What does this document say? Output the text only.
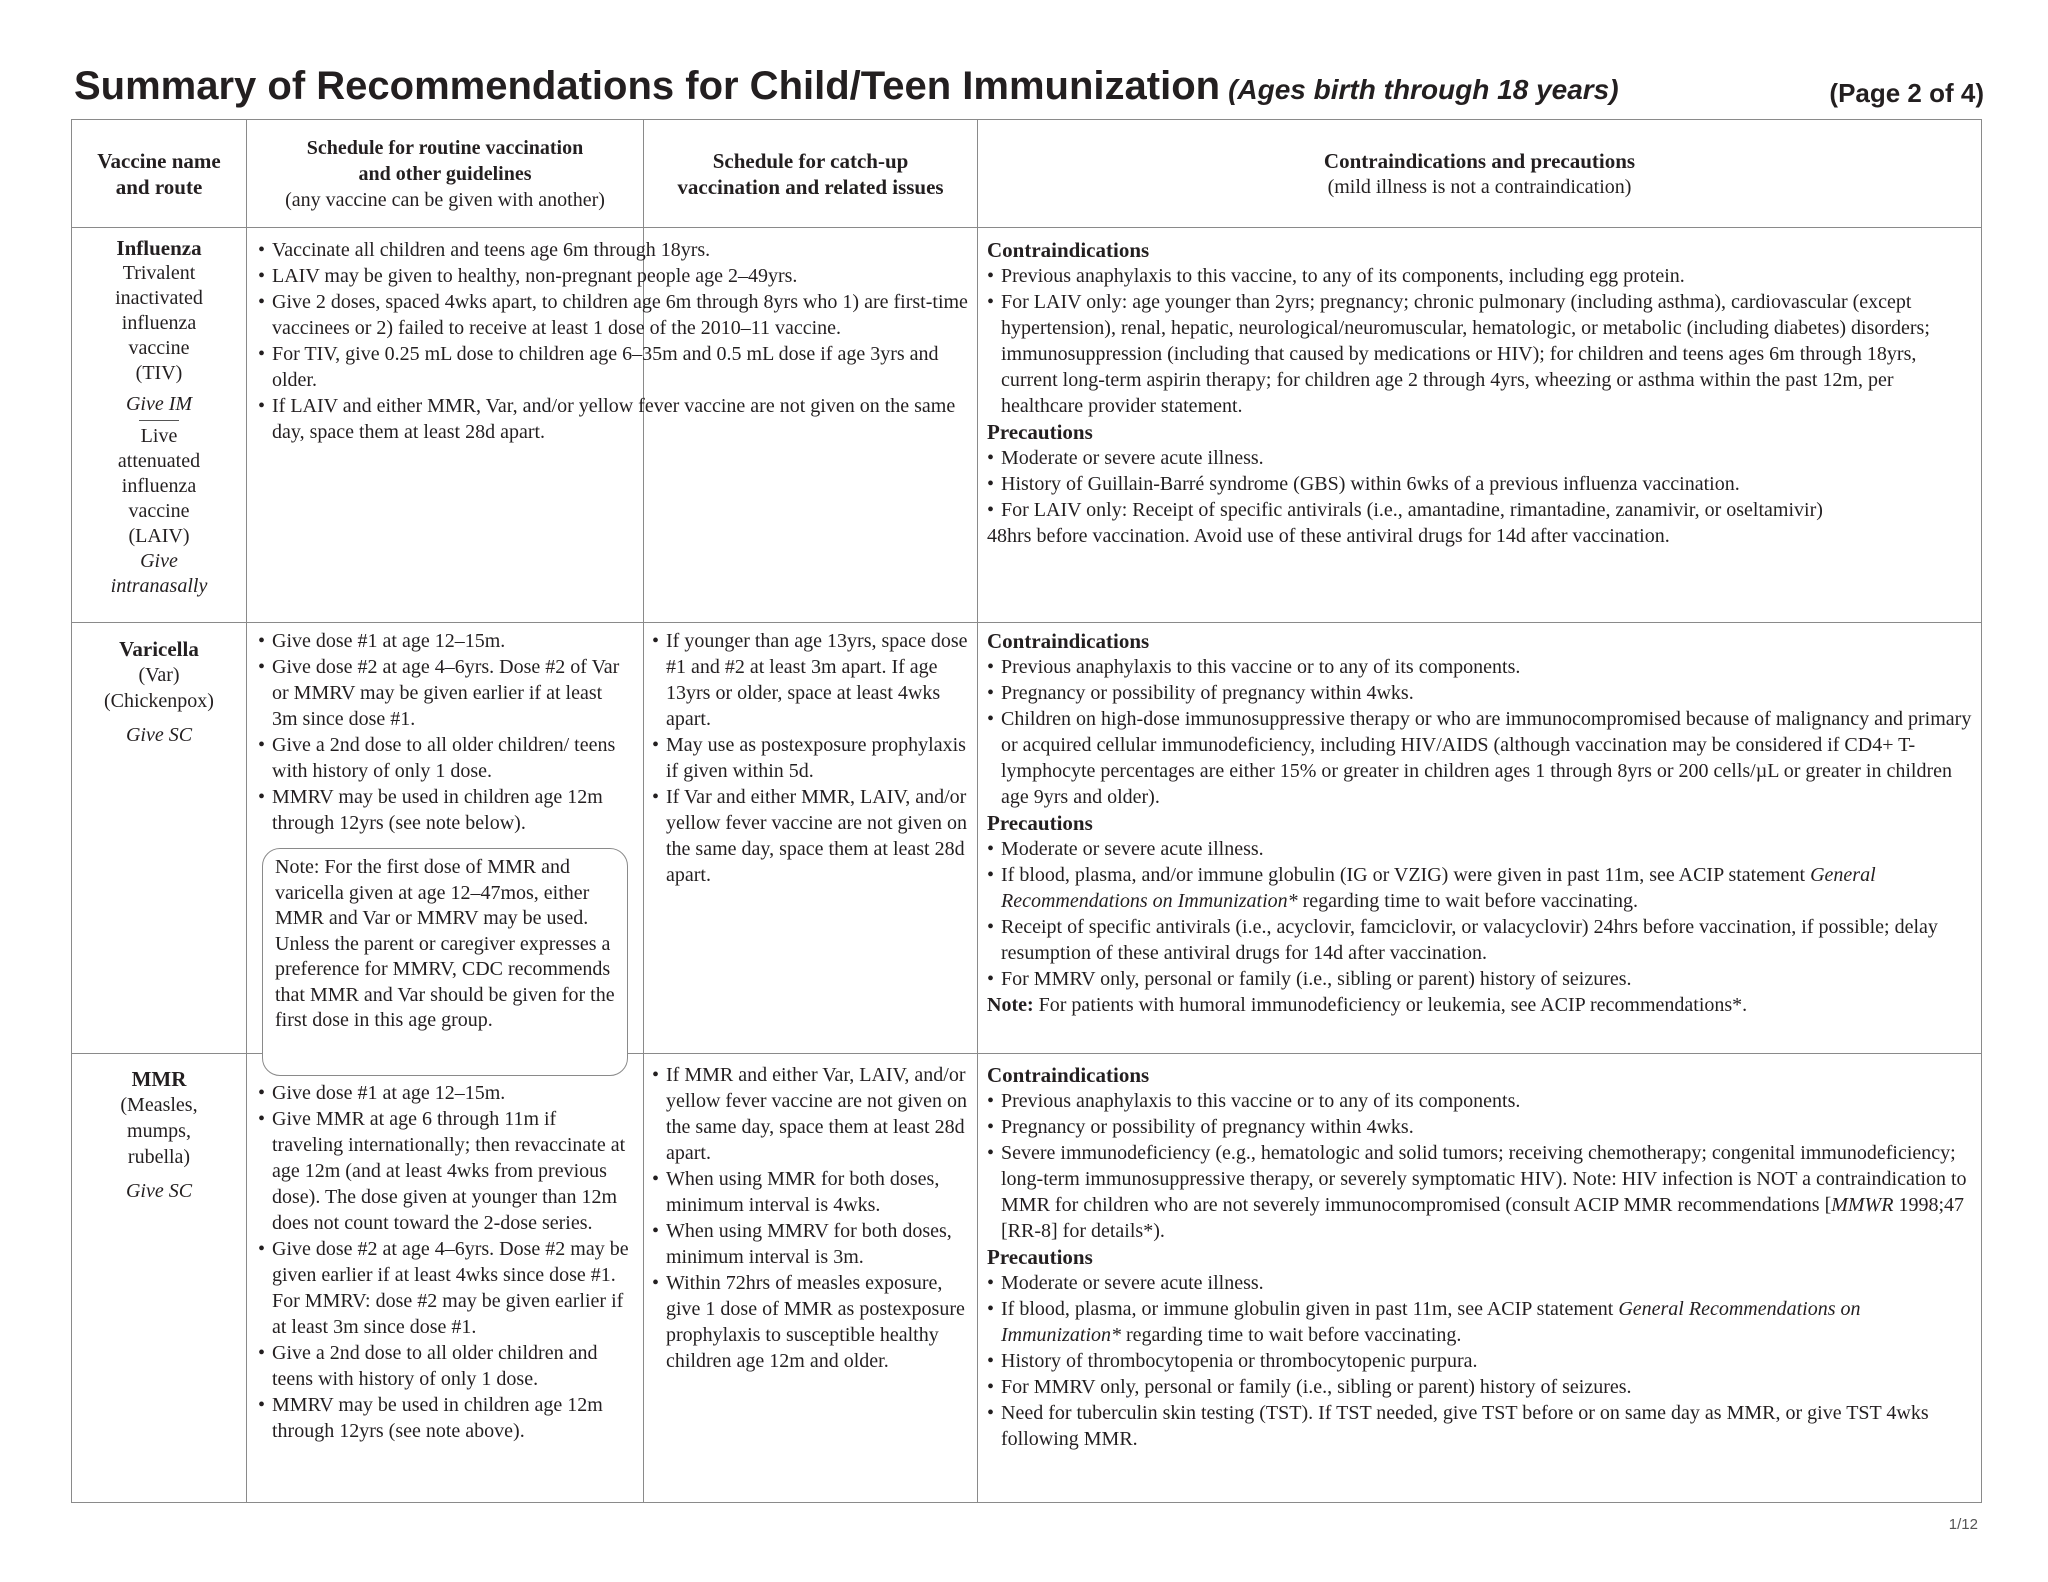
Summary of Recommendations for Child/Teen Immunization (Ages birth through 18 years)	(Page 2 of 4)
Vaccine name
and route
Schedule for routine vaccination
and other guidelines
(any vaccine can be given with another)
Schedule for catch-up
vaccination and related issues
Contraindications and precautions
(mild illness is not a contraindication)
Influenza
Trivalent
inactivated
influenza
vaccine
(TIV)
Give IM
Live
attenuated
influenza
vaccine
(LAIV)
Give
intranasally
• Vaccinate all children and teens age 6m through 18yrs.
• LAIV may be given to healthy, non-pregnant people age 2–49yrs.
• Give 2 doses, spaced 4wks apart, to children age 6m through 8yrs who 1) are first-time vaccinees or 2) failed to receive at least 1 dose of the 2010–11 vaccine.
• For TIV, give 0.25 mL dose to children age 6–35m and 0.5 mL dose if age 3yrs and older.
• If LAIV and either MMR, Var, and/or yellow fever vaccine are not given on the same day, space them at least 28d apart.
Contraindications
• Previous anaphylaxis to this vaccine, to any of its components, including egg protein.
• For LAIV only: age younger than 2yrs; pregnancy; chronic pulmonary (including asthma), cardiovascular (except hypertension), renal, hepatic, neurological/neuromuscular, hematologic, or metabolic (including diabetes) disorders; immunosuppression (including that caused by medications or HIV); for children and teens ages 6m through 18yrs, current long-term aspirin therapy; for children age 2 through 4yrs, wheezing or asthma within the past 12m, per healthcare provider statement.
Precautions
• Moderate or severe acute illness.
• History of Guillain-Barré syndrome (GBS) within 6wks of a previous influenza vaccination.
• For LAIV only: Receipt of specific antivirals (i.e., amantadine, rimantadine, zanamivir, or oseltamivir)
48hrs before vaccination. Avoid use of these antiviral drugs for 14d after vaccination.
Varicella
(Var)
(Chickenpox)
Give SC
• Give dose #1 at age 12–15m.
• Give dose #2 at age 4–6yrs. Dose #2 of Var or MMRV may be given earlier if at least 3m since dose #1.
• Give a 2nd dose to all older children/ teens with history of only 1 dose.
• MMRV may be used in children age 12m through 12yrs (see note below).
Note: For the first dose of MMR and varicella given at age 12–47mos, either MMR and Var or MMRV may be used. Unless the parent or caregiver expresses a preference for MMRV, CDC recommends that MMR and Var should be given for the first dose in this age group.
• If younger than age 13yrs, space dose #1 and #2 at least 3m apart. If age 13yrs or older, space at least 4wks apart.
• May use as postexposure prophylaxis if given within 5d.
• If Var and either MMR, LAIV, and/or yellow fever vaccine are not given on the same day, space them at least 28d apart.
Contraindications
• Previous anaphylaxis to this vaccine or to any of its components.
• Pregnancy or possibility of pregnancy within 4wks.
• Children on high-dose immunosuppressive therapy or who are immunocompromised because of malignancy and primary or acquired cellular immunodeficiency, including HIV/AIDS (although vaccination may be considered if CD4+ T-lymphocyte percentages are either 15% or greater in children ages 1 through 8yrs or 200 cells/µL or greater in children age 9yrs and older).
Precautions
• Moderate or severe acute illness.
• If blood, plasma, and/or immune globulin (IG or VZIG) were given in past 11m, see ACIP statement General Recommendations on Immunization* regarding time to wait before vaccinating.
• Receipt of specific antivirals (i.e., acyclovir, famciclovir, or valacyclovir) 24hrs before vaccination, if possible; delay resumption of these antiviral drugs for 14d after vaccination.
• For MMRV only, personal or family (i.e., sibling or parent) history of seizures.
Note: For patients with humoral immunodeficiency or leukemia, see ACIP recommendations*.
MMR
(Measles,
mumps,
rubella)
Give SC
• Give dose #1 at age 12–15m.
• Give MMR at age 6 through 11m if traveling internationally; then revaccinate at age 12m (and at least 4wks from previous dose). The dose given at younger than 12m does not count toward the 2-dose series.
• Give dose #2 at age 4–6yrs. Dose #2 may be given earlier if at least 4wks since dose #1. For MMRV: dose #2 may be given earlier if at least 3m since dose #1.
• Give a 2nd dose to all older children and teens with history of only 1 dose.
• MMRV may be used in children age 12m through 12yrs (see note above).
• If MMR and either Var, LAIV, and/or yellow fever vaccine are not given on the same day, space them at least 28d apart.
• When using MMR for both doses, minimum interval is 4wks.
• When using MMRV for both doses, minimum interval is 3m.
• Within 72hrs of measles exposure, give 1 dose of MMR as postexposure prophylaxis to susceptible healthy children age 12m and older.
Contraindications
• Previous anaphylaxis to this vaccine or to any of its components.
• Pregnancy or possibility of pregnancy within 4wks.
• Severe immunodeficiency (e.g., hematologic and solid tumors; receiving chemotherapy; congenital immunodeficiency; long-term immunosuppressive therapy, or severely symptomatic HIV). Note: HIV infection is NOT a contraindication to MMR for children who are not severely immunocompromised (consult ACIP MMR recommendations [MMWR 1998;47 [RR-8] for details*).
Precautions
• Moderate or severe acute illness.
• If blood, plasma, or immune globulin given in past 11m, see ACIP statement General Recommendations on Immunization* regarding time to wait before vaccinating.
• History of thrombocytopenia or thrombocytopenic purpura.
• For MMRV only, personal or family (i.e., sibling or parent) history of seizures.
• Need for tuberculin skin testing (TST). If TST needed, give TST before or on same day as MMR, or give TST 4wks following MMR.
1/12
